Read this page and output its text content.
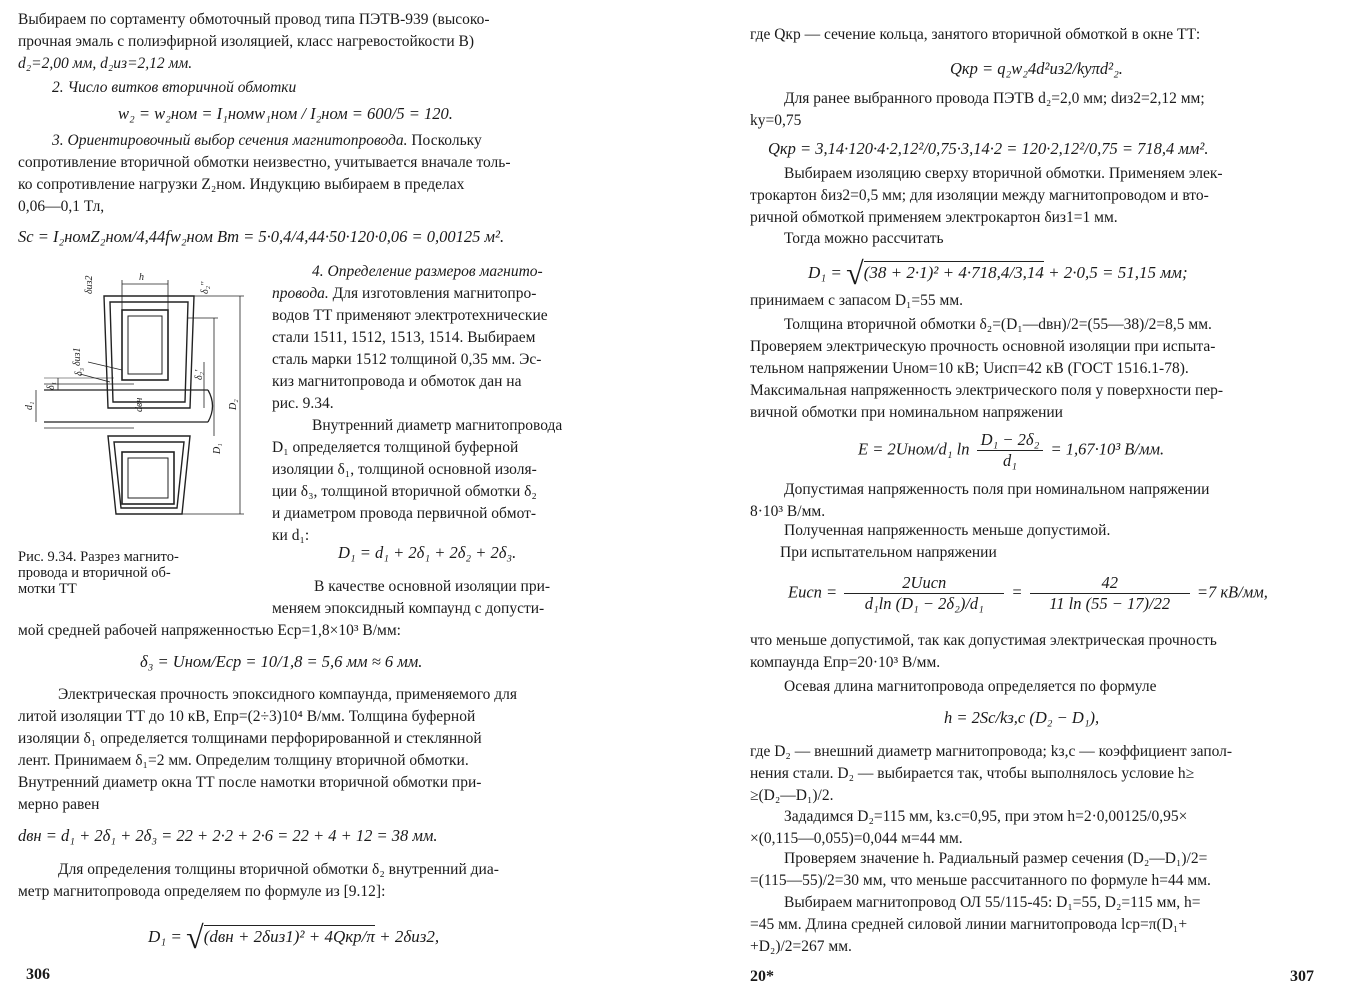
Выбираем по сортаменту обмоточный провод типа ПЭТВ-939 (высоко-
прочная эмаль с полиэфирной изоляцией, класс нагревостойкости В)
d₂=2,00 мм, d₂из=2,12 мм.
2. Число витков вторичной обмотки
w₂ = w₂ном = I₁номw₁ном / I₂ном = 600/5 = 120.
3. Ориентировочный выбор сечения магнитопровода. Поскольку
сопротивление вторичной обмотки неизвестно, учитывается вначале толь-
ко сопротивление нагрузки Z₂ном. Индукцию выбираем в пределах
0,06—0,1 Тл,
Sс = I₂номZ₂ном/4,44fw₂ном Bm = 5·0,4/4,44·50·120·0,06 = 0,00125 м².
h
δиз2	δ₂''
δиз1
δ₃
δ₁
d₁	dвн
δ₂'
D₂
D₁
4. Определение размеров магнито-
провода. Для изготовления магнитопро-
водов ТТ применяют электротехнические
стали 1511, 1512, 1513, 1514. Выбираем
сталь марки 1512 толщиной 0,35 мм. Эс-
киз магнитопровода и обмоток дан на
рис. 9.34.
Внутренний диаметр магнитопровода
D₁ определяется толщиной буферной
изоляции δ₁, толщиной основной изоля-
ции δ₃, толщиной вторичной обмотки δ₂
и диаметром провода первичной обмот-
ки d₁:
Рис. 9.34. Разрез магнито-
провода и вторичной об-
мотки ТТ
D₁ = d₁ + 2δ₁ + 2δ₂ + 2δ₃.
В качестве основной изоляции при-
меняем эпоксидный компаунд с допусти-
мой средней рабочей напряженностью Eср=1,8×10³ В/мм:
δ₃ = Uном/Eср = 10/1,8 = 5,6 мм ≈ 6 мм.
Электрическая прочность эпоксидного компаунда, применяемого для
литой изоляции ТТ до 10 кВ, Eпр=(2÷3)10⁴ В/мм. Толщина буферной
изоляции δ₁ определяется толщинами перфорированной и стеклянной
лент. Принимаем δ₁=2 мм. Определим толщину вторичной обмотки.
Внутренний диаметр окна ТТ после намотки вторичной обмотки при-
мерно равен
dвн = d₁ + 2δ₁ + 2δ₃ = 22 + 2·2 + 2·6 = 22 + 4 + 12 = 38 мм.
Для определения толщины вторичной обмотки δ₂ внутренний диа-
метр магнитопровода определяем по формуле из [9.12]:
D₁ = √(dвн + 2δиз1)² + 4Qкр/π + 2δиз2,
306
где Qкр — сечение кольца, занятого вторичной обмоткой в окне ТТ:
Qкр = q₂w₂4d²из2/kуπd²₂.
Для ранее выбранного провода ПЭТВ d₂=2,0 мм; dиз2=2,12 мм;
kу=0,75
Qкр = 3,14·120·4·2,12²/0,75·3,14·2 = 120·2,12²/0,75 = 718,4 мм².
Выбираем изоляцию сверху вторичной обмотки. Применяем элек-
трокартон δиз2=0,5 мм; для изоляции между магнитопроводом и вто-
ричной обмоткой применяем электрокартон δиз1=1 мм.
Тогда можно рассчитать
D₁ = √(38 + 2·1)² + 4·718,4/3,14 + 2·0,5 = 51,15 мм;
принимаем с запасом D₁=55 мм.
Толщина вторичной обмотки δ₂=(D₁—dвн)/2=(55—38)/2=8,5 мм.
Проверяем электрическую прочность основной изоляции при испыта-
тельном напряжении Uном=10 кВ; Uисп=42 кВ (ГОСТ 1516.1-78).
Максимальная напряженность электрического поля у поверхности пер-
вичной обмотки при номинальном напряжении
E = 2Uном/d₁ $\ln \frac{\text{D₁ − 2δ₂}}{\text{d₁}} = 1,67\cdot 10^3$ В/мм.
Допустимая напряженность поля при номинальном напряжении
8·10³ В/мм.
Полученная напряженность меньше допустимой.
При испытательном напряжении
Eисп = $\frac{\text{2Uисп}}{\text{d₁ln (D₁ − 2δ₂)/d₁}} = \frac{42}{11 \ln (55 - 17)/22} =7$ кВ/мм,
что меньше допустимой, так как допустимая электрическая прочность
компаунда Eпр=20·10³ В/мм.
Осевая длина магнитопровода определяется по формуле
h = 2Sс/kз,с (D₂ − D₁),
где D₂ — внешний диаметр магнитопровода; kз,с — коэффициент запол-
нения стали. D₂ — выбирается так, чтобы выполнялось условие h≥
≥(D₂—D₁)/2.
Зададимся D₂=115 мм, kз.с=0,95, при этом h=2·0,00125/0,95×
×(0,115—0,055)=0,044 м=44 мм.
Проверяем значение h. Радиальный размер сечения (D₂—D₁)/2=
=(115—55)/2=30 мм, что меньше рассчитанного по формуле h=44 мм.
Выбираем магнитопровод ОЛ 55/115-45: D₁=55, D₂=115 мм, h=
=45 мм. Длина средней силовой линии магнитопровода lср=π(D₁+
+D₂)/2=267 мм.
20*	307
